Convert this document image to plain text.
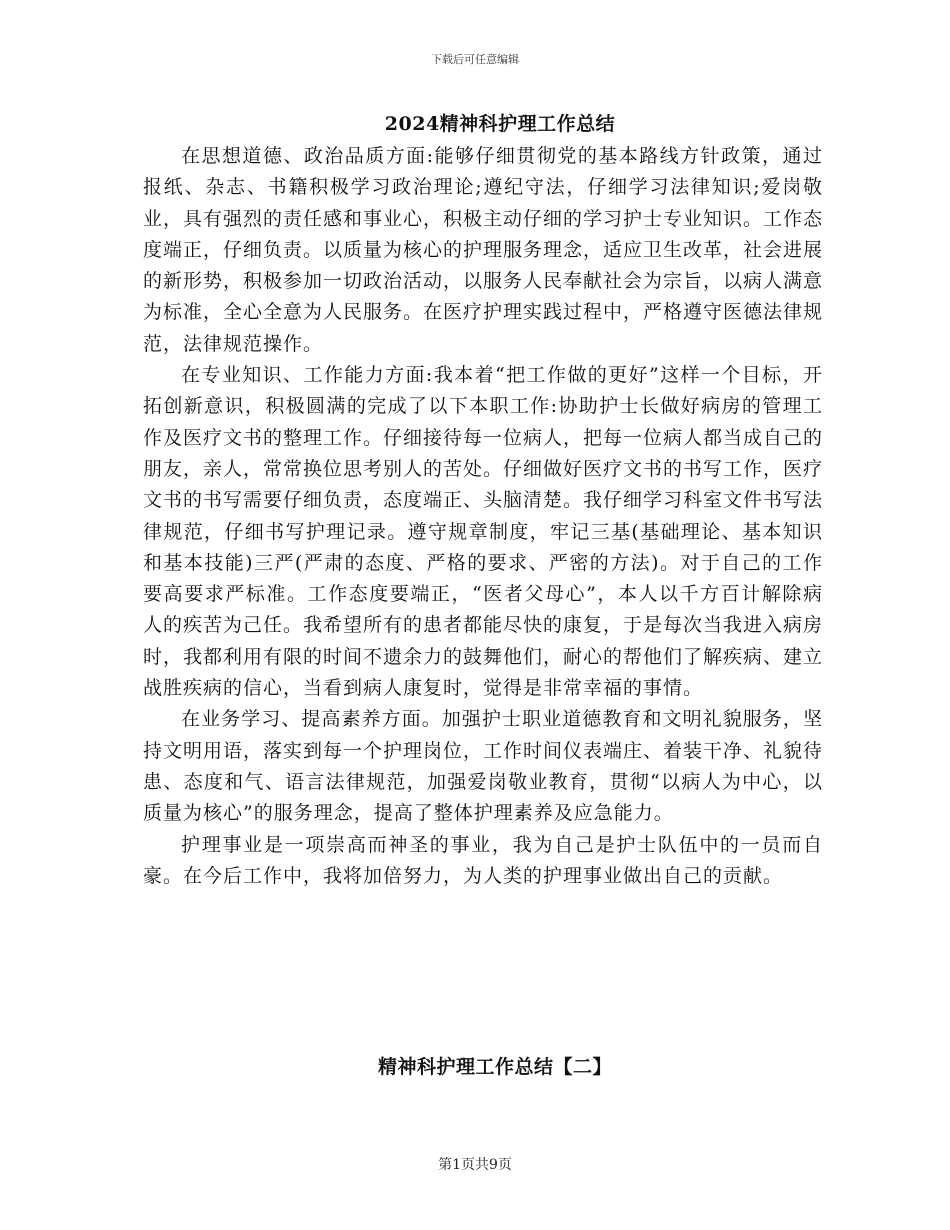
下载后可任意编辑
2024精神科护理工作总结

在思想道德、政治品质方面:能够仔细贯彻党的基本路线方针政策，通过报纸、杂志、书籍积极学习政治理论;遵纪守法，仔细学习法律知识;爱岗敬业，具有强烈的责任感和事业心，积极主动仔细的学习护士专业知识。工作态度端正，仔细负责。以质量为核心的护理服务理念，适应卫生改革，社会进展的新形势，积极参加一切政治活动，以服务人民奉献社会为宗旨，以病人满意为标准，全心全意为人民服务。在医疗护理实践过程中，严格遵守医德法律规范，法律规范操作。

在专业知识、工作能力方面:我本着“把工作做的更好”这样一个目标，开拓创新意识，积极圆满的完成了以下本职工作:协助护士长做好病房的管理工作及医疗文书的整理工作。仔细接待每一位病人，把每一位病人都当成自己的朋友，亲人，常常换位思考别人的苦处。仔细做好医疗文书的书写工作，医疗文书的书写需要仔细负责，态度端正、头脑清楚。我仔细学习科室文件书写法律规范，仔细书写护理记录。遵守规章制度，牢记三基(基础理论、基本知识和基本技能)三严(严肃的态度、严格的要求、严密的方法)。对于自己的工作要高要求严标准。工作态度要端正，“医者父母心”，本人以千方百计解除病人的疾苦为己任。我希望所有的患者都能尽快的康复，于是每次当我进入病房时，我都利用有限的时间不遗余力的鼓舞他们，耐心的帮他们了解疾病、建立战胜疾病的信心，当看到病人康复时，觉得是非常幸福的事情。

在业务学习、提高素养方面。加强护士职业道德教育和文明礼貌服务，坚持文明用语，落实到每一个护理岗位，工作时间仪表端庄、着装干净、礼貌待患、态度和气、语言法律规范，加强爱岗敬业教育，贯彻“以病人为中心，以质量为核心”的服务理念，提高了整体护理素养及应急能力。

护理事业是一项崇高而神圣的事业，我为自己是护士队伍中的一员而自豪。在今后工作中，我将加倍努力，为人类的护理事业做出自己的贡献。

精神科护理工作总结【二】
第1页共9页
